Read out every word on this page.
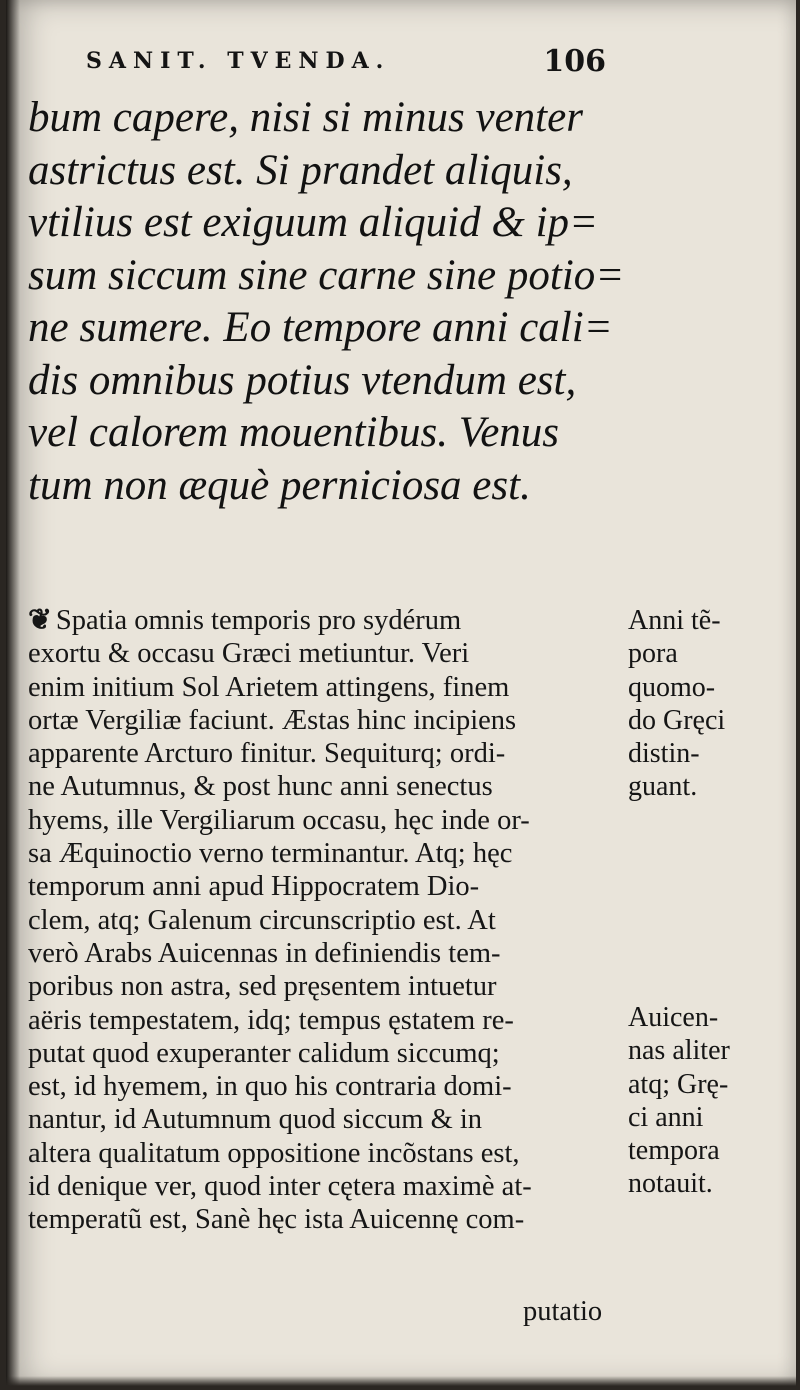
SANIT. TVENDA.	106
bum capere, nisi si minus venter
astrictus est. Si prandet aliquis,
vtilius est exiguum aliquid & ip=
sum siccum sine carne sine potio=
ne sumere. Eo tempore anni cali=
dis omnibus potius vtendum est,
vel calorem mouentibus. Venus
tum non æquè perniciosa est.
❦ Spatia omnis temporis pro sydérum
exortu & occasu Græci metiuntur. Veri
enim initium Sol Arietem attingens, finem
ortæ Vergiliæ faciunt. Æstas hinc incipiens
apparente Arcturo finitur. Sequiturq; ordi-
ne Autumnus, & post hunc anni senectus
hyems, ille Vergiliarum occasu, hęc inde or-
sa Æquinoctio verno terminantur. Atq; hęc
temporum anni apud Hippocratem Dio-
clem, atq; Galenum circunscriptio est. At
verò Arabs Auicennas in definiendis tem-
poribus non astra, sed pręsentem intuetur
aëris tempestatem, idq; tempus ęstatem re-
putat quod exuperanter calidum siccumq;
est, id hyemem, in quo his contraria domi-
nantur, id Autumnum quod siccum & in
altera qualitatum oppositione incõstans est,
id denique ver, quod inter cętera maximè at-
temperatũ est, Sanè hęc ista Auicennę com-
putatio
Anni tẽ-
pora
quomo-
do Gręci
distin-
guant.
Auicen-
nas aliter
atq; Grę-
ci anni
tempora
notauit.
